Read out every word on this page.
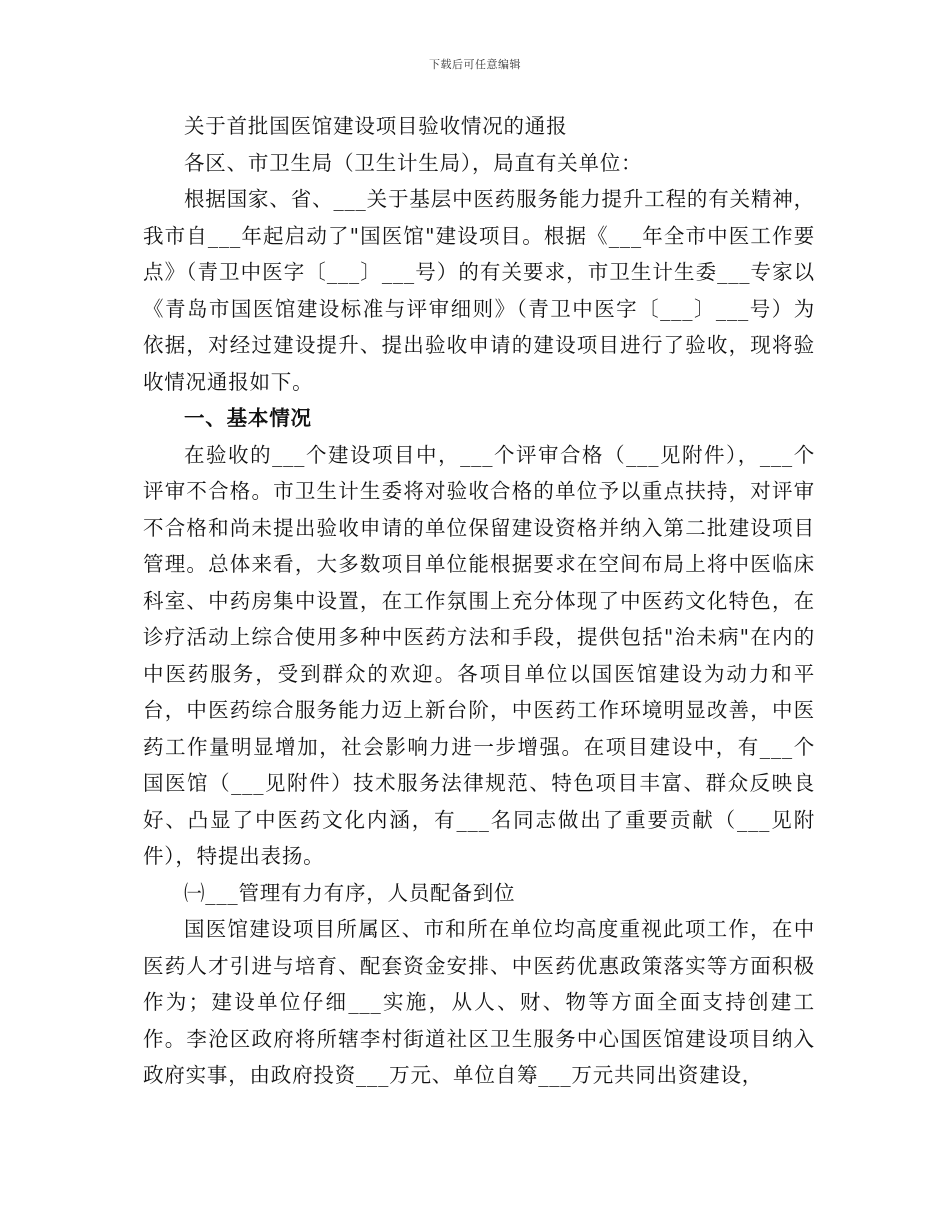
下载后可任意编辑

关于首批国医馆建设项目验收情况的通报

各区、市卫生局（卫生计生局），局直有关单位：

根据国家、省、___关于基层中医药服务能力提升工程的有关精神，我市自___年起启动了"国医馆"建设项目。根据《___年全市中医工作要点》（青卫中医字〔___〕___号）的有关要求，市卫生计生委___专家以《青岛市国医馆建设标准与评审细则》（青卫中医字〔___〕___号）为依据，对经过建设提升、提出验收申请的建设项目进行了验收，现将验收情况通报如下。

一、基本情况

在验收的___个建设项目中，___个评审合格（___见附件），___个评审不合格。市卫生计生委将对验收合格的单位予以重点扶持，对评审不合格和尚未提出验收申请的单位保留建设资格并纳入第二批建设项目管理。总体来看，大多数项目单位能根据要求在空间布局上将中医临床科室、中药房集中设置，在工作氛围上充分体现了中医药文化特色，在诊疗活动上综合使用多种中医药方法和手段，提供包括"治未病"在内的中医药服务，受到群众的欢迎。各项目单位以国医馆建设为动力和平台，中医药综合服务能力迈上新台阶，中医药工作环境明显改善，中医药工作量明显增加，社会影响力进一步增强。在项目建设中，有___个国医馆（___见附件）技术服务法律规范、特色项目丰富、群众反映良好、凸显了中医药文化内涵，有___名同志做出了重要贡献（___见附件），特提出表扬。

㈠___管理有力有序，人员配备到位

国医馆建设项目所属区、市和所在单位均高度重视此项工作，在中医药人才引进与培育、配套资金安排、中医药优惠政策落实等方面积极作为；建设单位仔细___实施，从人、财、物等方面全面支持创建工作。李沧区政府将所辖李村街道社区卫生服务中心国医馆建设项目纳入政府实事，由政府投资___万元、单位自筹___万元共同出资建设，
